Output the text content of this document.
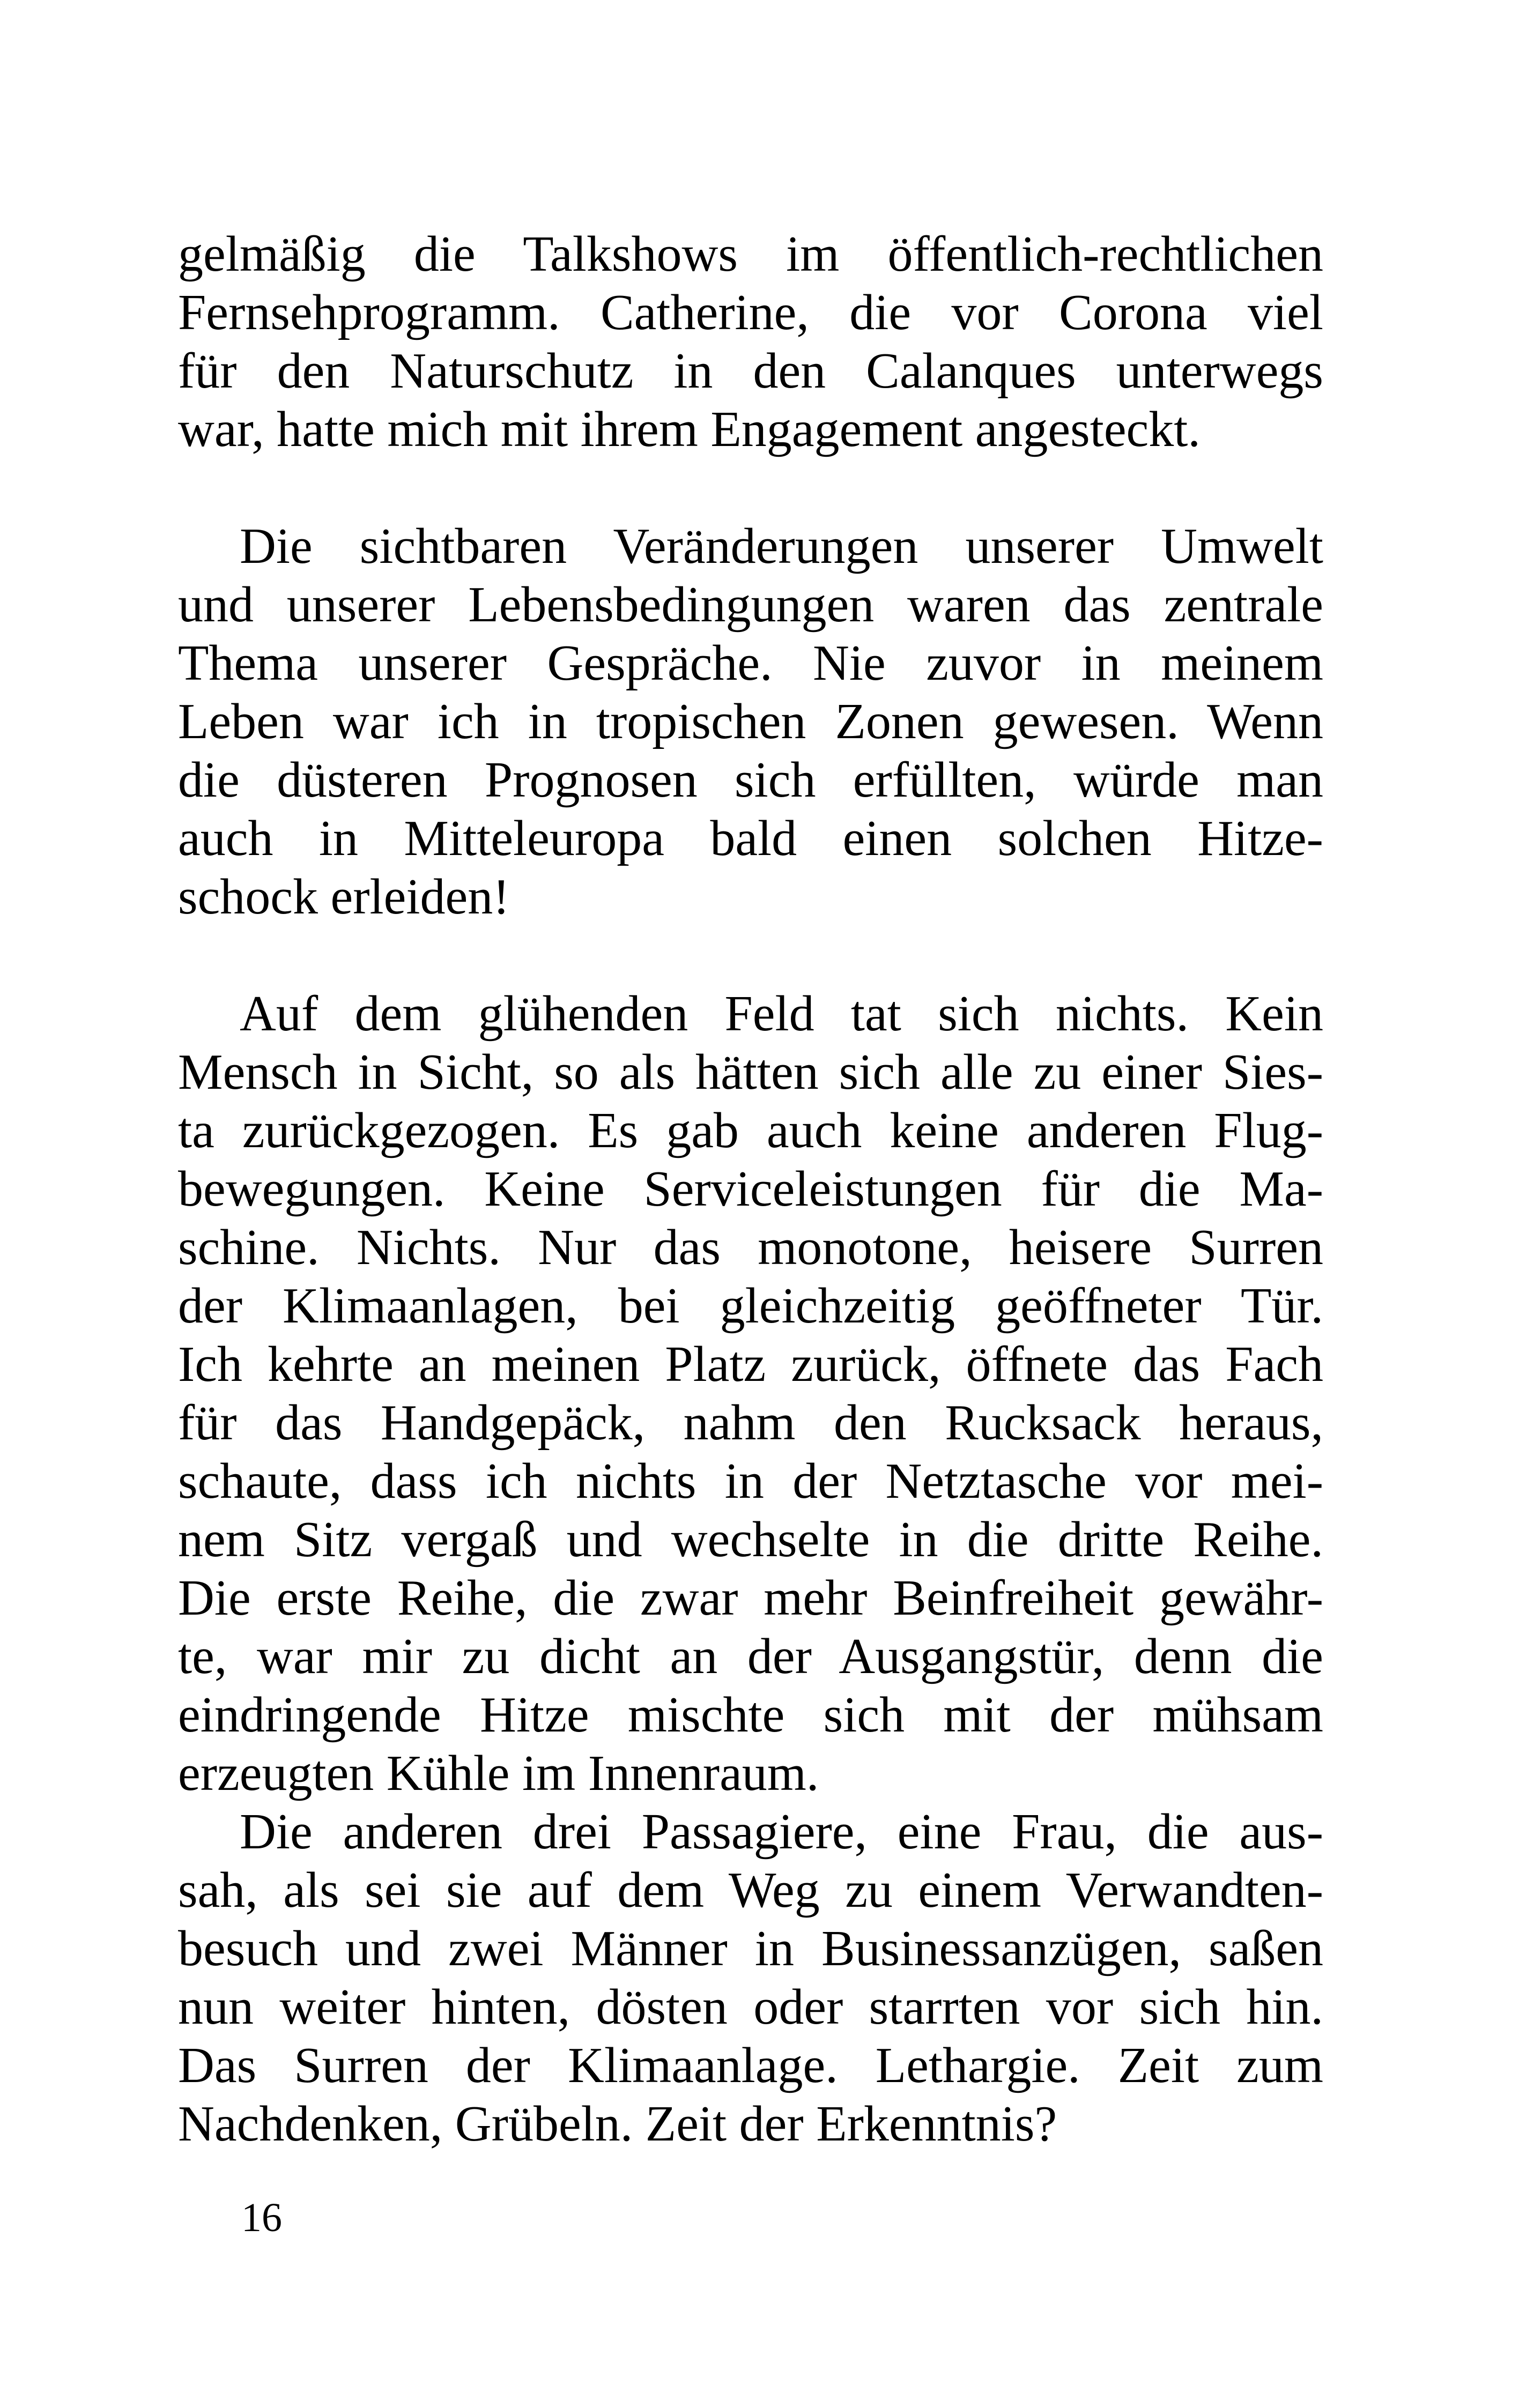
gelmäßig die Talkshows im öffentlich-rechtlichen
Fernsehprogramm. Catherine, die vor Corona viel
für den Naturschutz in den Calanques unterwegs
war, hatte mich mit ihrem Engagement angesteckt.

Die sichtbaren Veränderungen unserer Umwelt
und unserer Lebensbedingungen waren das zentrale
Thema unserer Gespräche. Nie zuvor in meinem
Leben war ich in tropischen Zonen gewesen. Wenn
die düsteren Prognosen sich erfüllten, würde man
auch in Mitteleuropa bald einen solchen Hitze-
schock erleiden!

Auf dem glühenden Feld tat sich nichts. Kein
Mensch in Sicht, so als hätten sich alle zu einer Sies-
ta zurückgezogen. Es gab auch keine anderen Flug-
bewegungen. Keine Serviceleistungen für die Ma-
schine. Nichts. Nur das monotone, heisere Surren
der Klimaanlagen, bei gleichzeitig geöffneter Tür.
Ich kehrte an meinen Platz zurück, öffnete das Fach
für das Handgepäck, nahm den Rucksack heraus,
schaute, dass ich nichts in der Netztasche vor mei-
nem Sitz vergaß und wechselte in die dritte Reihe.
Die erste Reihe, die zwar mehr Beinfreiheit gewähr-
te, war mir zu dicht an der Ausgangstür, denn die
eindringende Hitze mischte sich mit der mühsam
erzeugten Kühle im Innenraum.

Die anderen drei Passagiere, eine Frau, die aus-
sah, als sei sie auf dem Weg zu einem Verwandten-
besuch und zwei Männer in Businessanzügen, saßen
nun weiter hinten, dösten oder starrten vor sich hin.
Das Surren der Klimaanlage. Lethargie. Zeit zum
Nachdenken, Grübeln. Zeit der Erkenntnis?

16
